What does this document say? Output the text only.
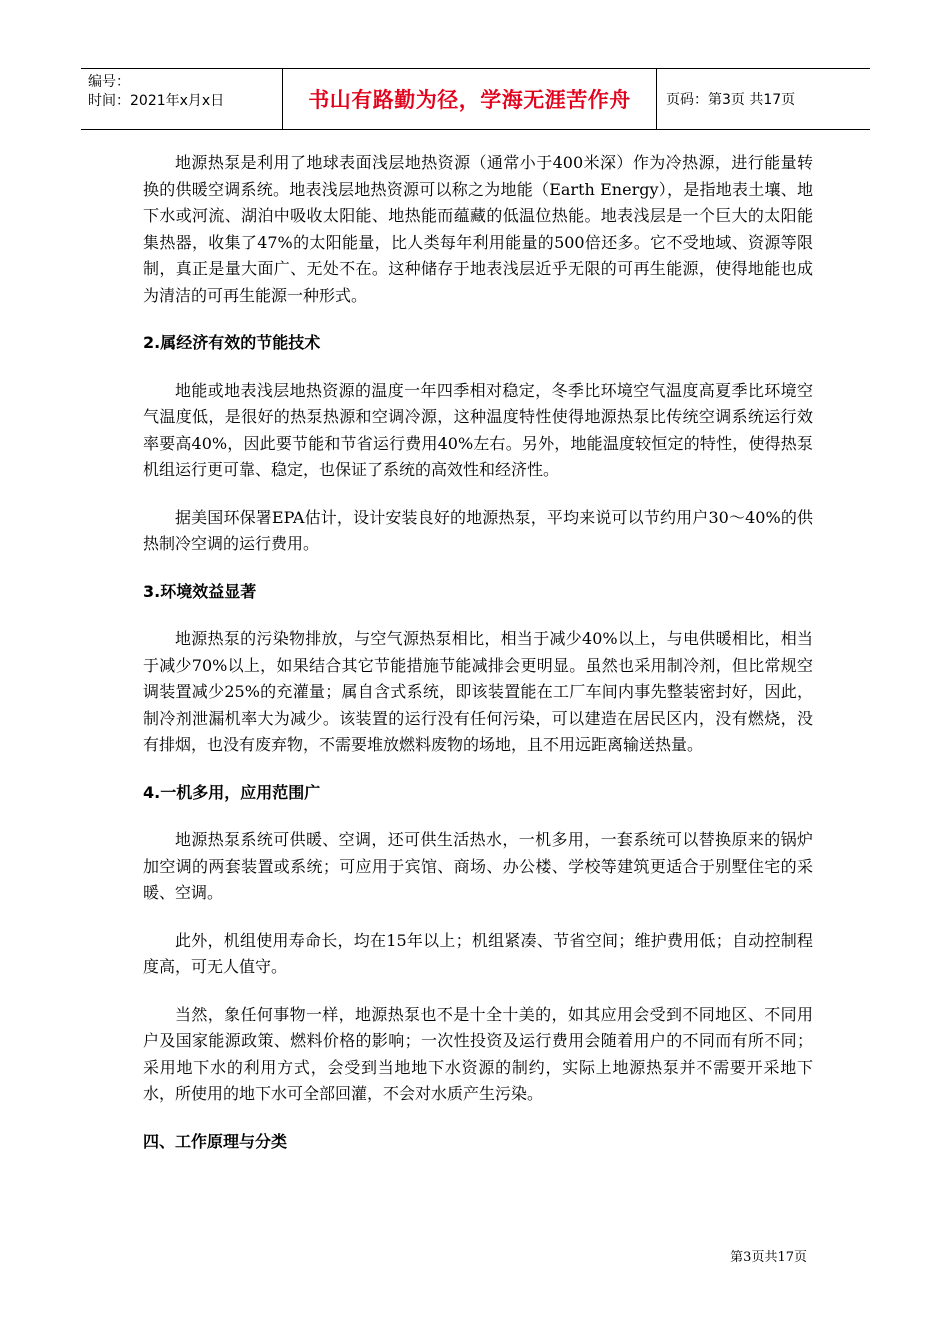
编号：
时间：2021年x月x日	书山有路勤为径，学海无涯苦作舟	页码：第3页 共17页

地源热泵是利用了地球表面浅层地热资源（通常小于400米深）作为冷热源，进行能量转换的供暖空调系统。地表浅层地热资源可以称之为地能（Earth Energy），是指地表土壤、地下水或河流、湖泊中吸收太阳能、地热能而蕴藏的低温位热能。地表浅层是一个巨大的太阳能集热器，收集了47%的太阳能量，比人类每年利用能量的500倍还多。它不受地域、资源等限制，真正是量大面广、无处不在。这种储存于地表浅层近乎无限的可再生能源，使得地能也成为清洁的可再生能源一种形式。

2.属经济有效的节能技术

地能或地表浅层地热资源的温度一年四季相对稳定，冬季比环境空气温度高夏季比环境空气温度低，是很好的热泵热源和空调冷源，这种温度特性使得地源热泵比传统空调系统运行效率要高40%，因此要节能和节省运行费用40%左右。另外，地能温度较恒定的特性，使得热泵机组运行更可靠、稳定，也保证了系统的高效性和经济性。

据美国环保署EPA估计，设计安装良好的地源热泵，平均来说可以节约用户30～40%的供热制冷空调的运行费用。

3.环境效益显著

地源热泵的污染物排放，与空气源热泵相比，相当于减少40%以上，与电供暖相比，相当于减少70%以上，如果结合其它节能措施节能减排会更明显。虽然也采用制冷剂，但比常规空调装置减少25%的充灌量；属自含式系统，即该装置能在工厂车间内事先整装密封好，因此，制冷剂泄漏机率大为减少。该装置的运行没有任何污染，可以建造在居民区内，没有燃烧，没有排烟，也没有废弃物，不需要堆放燃料废物的场地，且不用远距离输送热量。

4.一机多用，应用范围广

地源热泵系统可供暖、空调，还可供生活热水，一机多用，一套系统可以替换原来的锅炉加空调的两套装置或系统；可应用于宾馆、商场、办公楼、学校等建筑更适合于别墅住宅的采暖、空调。

此外，机组使用寿命长，均在15年以上；机组紧凑、节省空间；维护费用低；自动控制程度高，可无人值守。

当然，象任何事物一样，地源热泵也不是十全十美的，如其应用会受到不同地区、不同用户及国家能源政策、燃料价格的影响；一次性投资及运行费用会随着用户的不同而有所不同；采用地下水的利用方式，会受到当地地下水资源的制约，实际上地源热泵并不需要开采地下水，所使用的地下水可全部回灌，不会对水质产生污染。

四、工作原理与分类

第3页共17页
